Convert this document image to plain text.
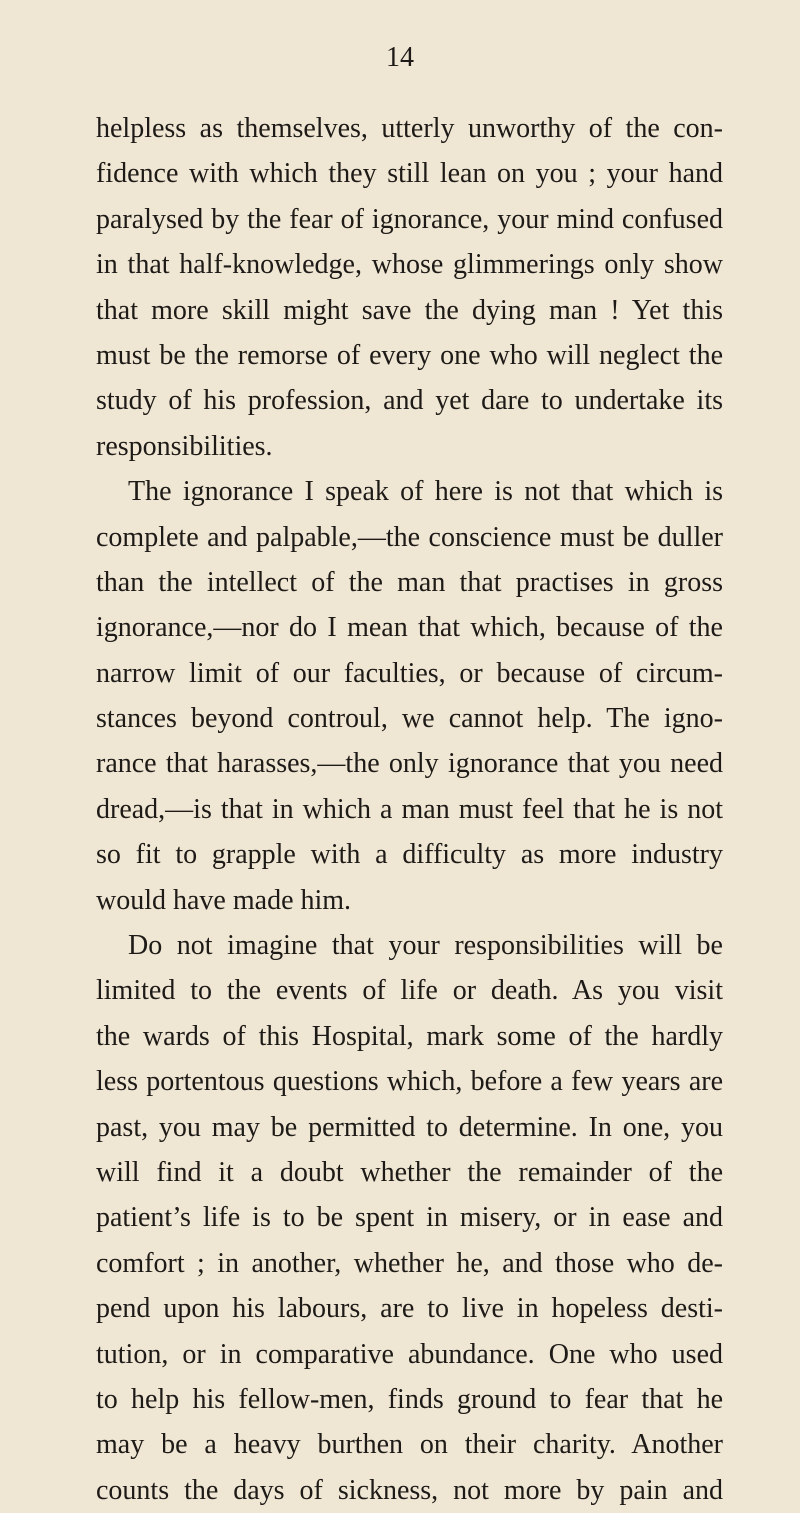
14
helpless as themselves, utterly unworthy of the con-
fidence with which they still lean on you ; your hand
paralysed by the fear of ignorance, your mind confused
in that half-knowledge, whose glimmerings only show
that more skill might save the dying man ! Yet this
must be the remorse of every one who will neglect the
study of his profession, and yet dare to undertake its
responsibilities.
The ignorance I speak of here is not that which is
complete and palpable,—the conscience must be duller
than the intellect of the man that practises in gross
ignorance,—nor do I mean that which, because of the
narrow limit of our faculties, or because of circum-
stances beyond controul, we cannot help. The igno-
rance that harasses,—the only ignorance that you need
dread,—is that in which a man must feel that he is not
so fit to grapple with a difficulty as more industry
would have made him.
Do not imagine that your responsibilities will be
limited to the events of life or death. As you visit
the wards of this Hospital, mark some of the hardly
less portentous questions which, before a few years are
past, you may be permitted to determine. In one, you
will find it a doubt whether the remainder of the
patient’s life is to be spent in misery, or in ease and
comfort ; in another, whether he, and those who de-
pend upon his labours, are to live in hopeless desti-
tution, or in comparative abundance. One who used
to help his fellow-men, finds ground to fear that he
may be a heavy burthen on their charity. Another
counts the days of sickness, not more by pain and
